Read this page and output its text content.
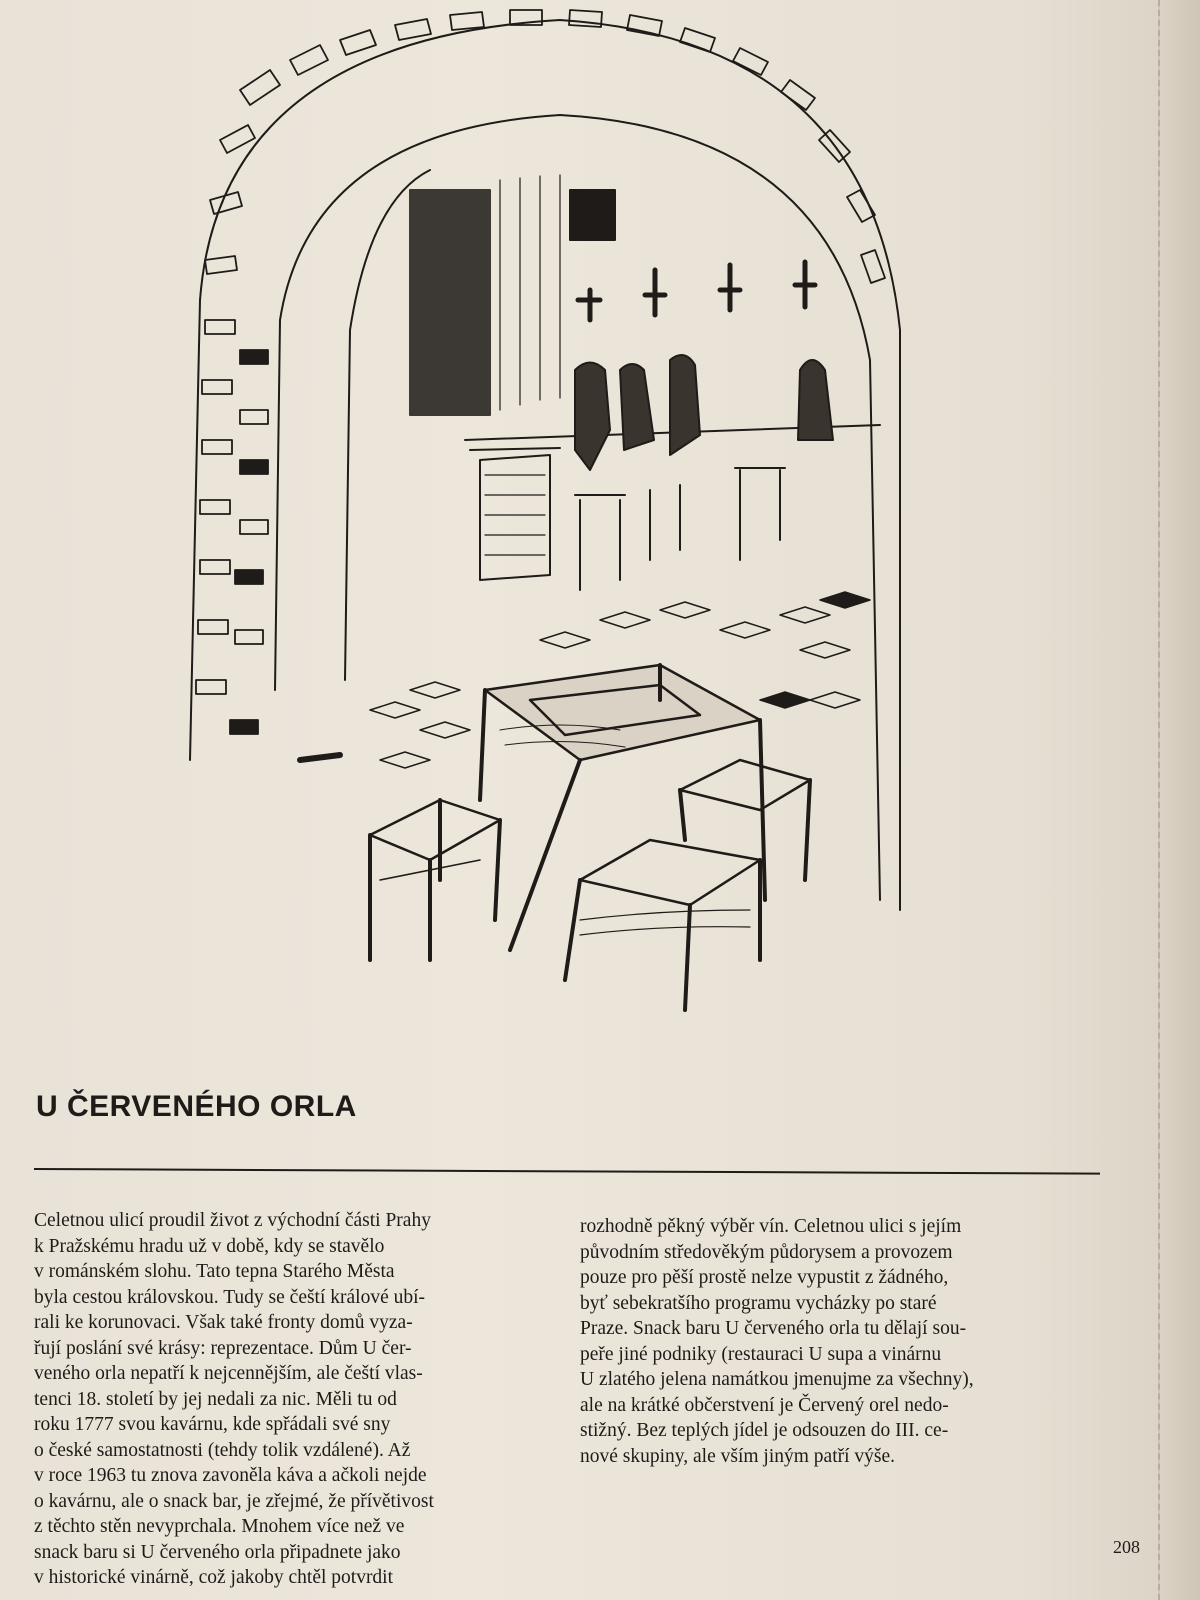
U ČERVENÉHO ORLA
Celetnou ulicí proudil život z východní části Prahy
k Pražskému hradu už v době, kdy se stavělo
v románském slohu. Tato tepna Starého Města
byla cestou královskou. Tudy se čeští králové ubí-
rali ke korunovaci. Však také fronty domů vyza-
řují poslání své krásy: reprezentace. Dům U čer-
veného orla nepatří k nejcennějším, ale čeští vlas-
tenci 18. století by jej nedali za nic. Měli tu od
roku 1777 svou kavárnu, kde spřádali své sny
o české samostatnosti (tehdy tolik vzdálené). Až
v roce 1963 tu znova zavoněla káva a ačkoli nejde
o kavárnu, ale o snack bar, je zřejmé, že přívětivost
z těchto stěn nevyprchala. Mnohem více než ve
snack baru si U červeného orla připadnete jako
v historické vinárně, což jakoby chtěl potvrdit
rozhodně pěkný výběr vín. Celetnou ulici s jejím
původním středověkým půdorysem a provozem
pouze pro pěší prostě nelze vypustit z žádného,
byť sebekratšího programu vycházky po staré
Praze. Snack baru U červeného orla tu dělají sou-
peře jiné podniky (restauraci U supa a vinárnu
U zlatého jelena namátkou jmenujme za všechny),
ale na krátké občerstvení je Červený orel nedo-
stižný. Bez teplých jídel je odsouzen do III. ce-
nové skupiny, ale vším jiným patří výše.
208
